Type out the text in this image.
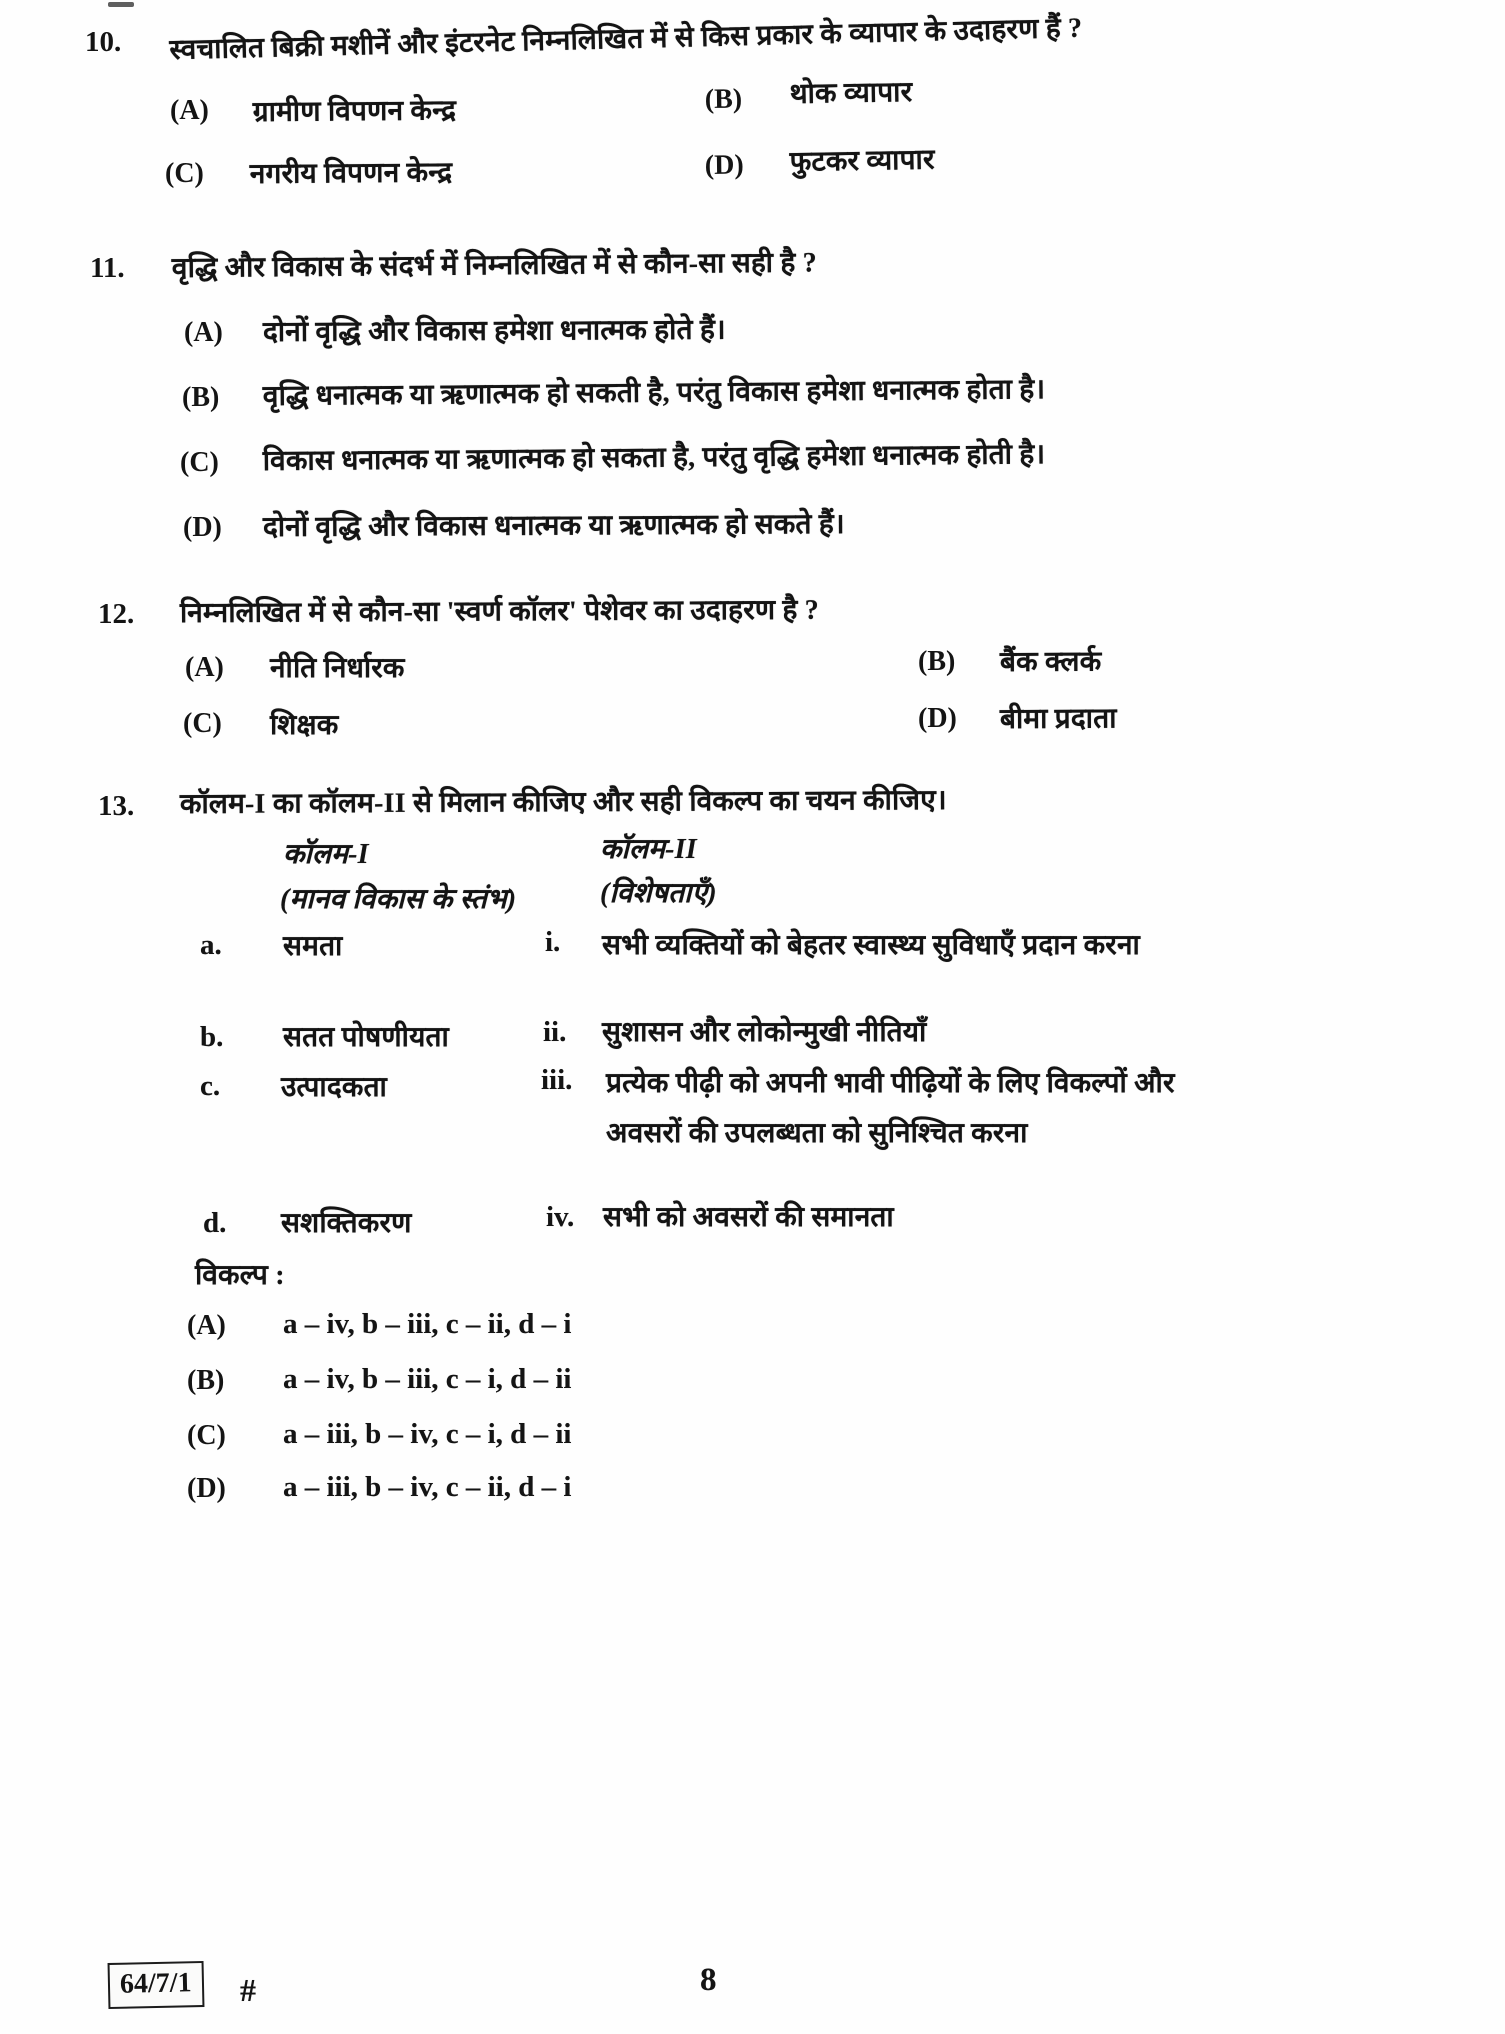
10. स्वचालित बिक्री मशीनें और इंटरनेट निम्नलिखित में से किस प्रकार के व्यापार के उदाहरण हैं ?
(A) ग्रामीण विपणन केन्द्र	(B) थोक व्यापार
(C) नगरीय विपणन केन्द्र	(D) फुटकर व्यापार
11. वृद्धि और विकास के संदर्भ में निम्नलिखित में से कौन-सा सही है ?
(A) दोनों वृद्धि और विकास हमेशा धनात्मक होते हैं।
(B) वृद्धि धनात्मक या ऋणात्मक हो सकती है, परंतु विकास हमेशा धनात्मक होता है।
(C) विकास धनात्मक या ऋणात्मक हो सकता है, परंतु वृद्धि हमेशा धनात्मक होती है।
(D) दोनों वृद्धि और विकास धनात्मक या ऋणात्मक हो सकते हैं।
12. निम्नलिखित में से कौन-सा 'स्वर्ण कॉलर' पेशेवर का उदाहरण है ?
(A) नीति निर्धारक	(B) बैंक क्लर्क
(C) शिक्षक	(D) बीमा प्रदाता
13. कॉलम-I का कॉलम-II से मिलान कीजिए और सही विकल्प का चयन कीजिए।
कॉलम-I	कॉलम-II
(मानव विकास के स्तंभ)	(विशेषताएँ)
a. समता	i. सभी व्यक्तियों को बेहतर स्वास्थ्य सुविधाएँ प्रदान करना
b. सतत पोषणीयता	ii. सुशासन और लोकोन्मुखी नीतियाँ
c. उत्पादकता	iii. प्रत्येक पीढ़ी को अपनी भावी पीढ़ियों के लिए विकल्पों और अवसरों की उपलब्धता को सुनिश्चित करना
d. सशक्तिकरण	iv. सभी को अवसरों की समानता
विकल्प :
(A) a – iv, b – iii, c – ii, d – i
(B) a – iv, b – iii, c – i, d – ii
(C) a – iii, b – iv, c – i, d – ii
(D) a – iii, b – iv, c – ii, d – i
64/7/1	#	8
